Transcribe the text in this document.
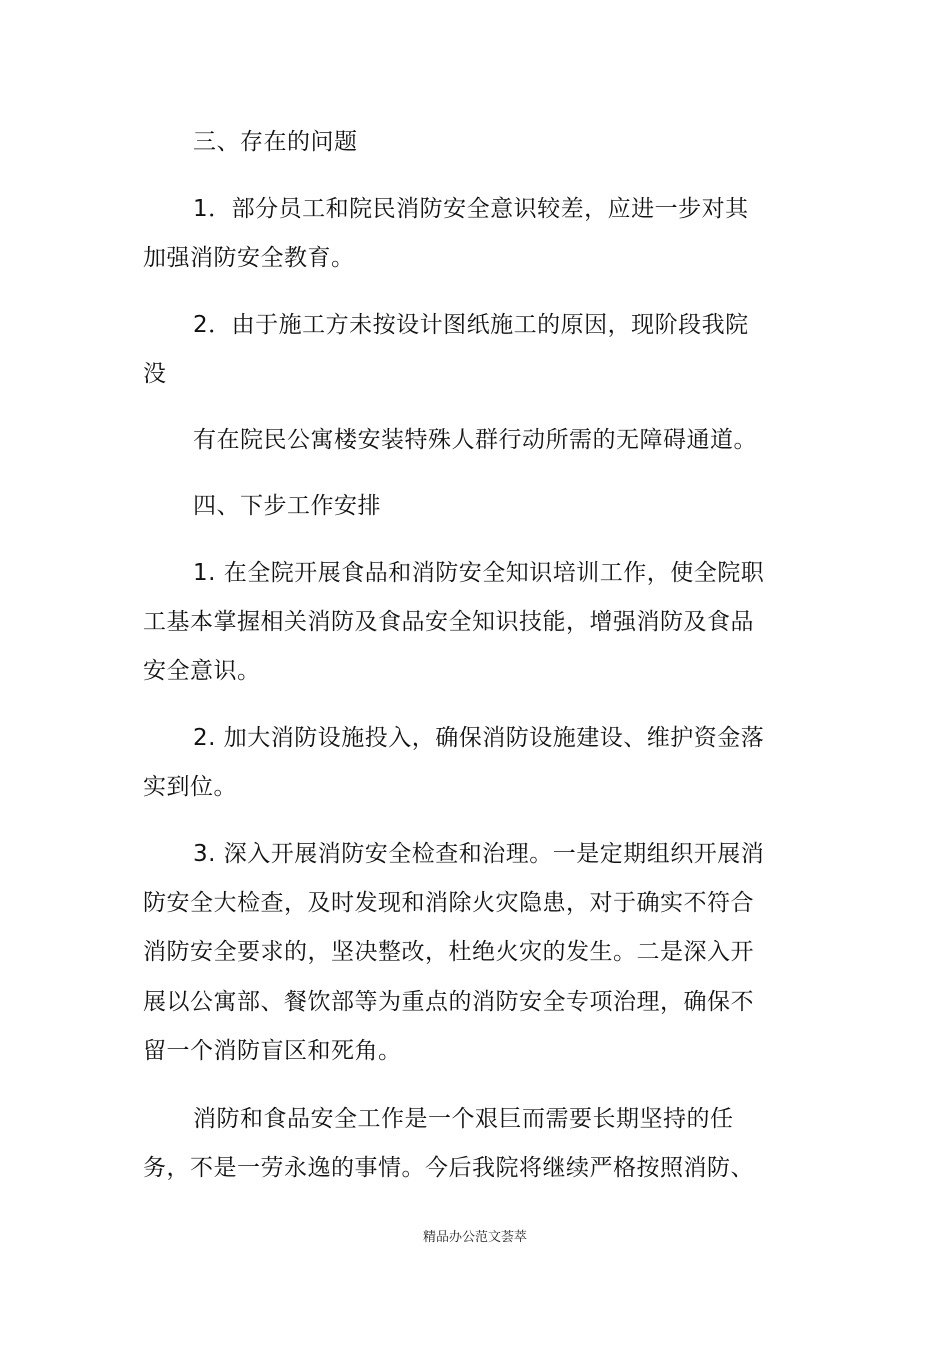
三、存在的问题
1．部分员工和院民消防安全意识较差，应进一步对其
加强消防安全教育。
2．由于施工方未按设计图纸施工的原因，现阶段我院
没
有在院民公寓楼安装特殊人群行动所需的无障碍通道。
四、下步工作安排
1. 在全院开展食品和消防安全知识培训工作，使全院职
工基本掌握相关消防及食品安全知识技能，增强消防及食品
安全意识。
2. 加大消防设施投入，确保消防设施建设、维护资金落
实到位。
3. 深入开展消防安全检查和治理。一是定期组织开展消
防安全大检查，及时发现和消除火灾隐患，对于确实不符合
消防安全要求的，坚决整改，杜绝火灾的发生。二是深入开
展以公寓部、餐饮部等为重点的消防安全专项治理，确保不
留一个消防盲区和死角。
消防和食品安全工作是一个艰巨而需要长期坚持的任
务，不是一劳永逸的事情。今后我院将继续严格按照消防、
精品办公范文荟萃
